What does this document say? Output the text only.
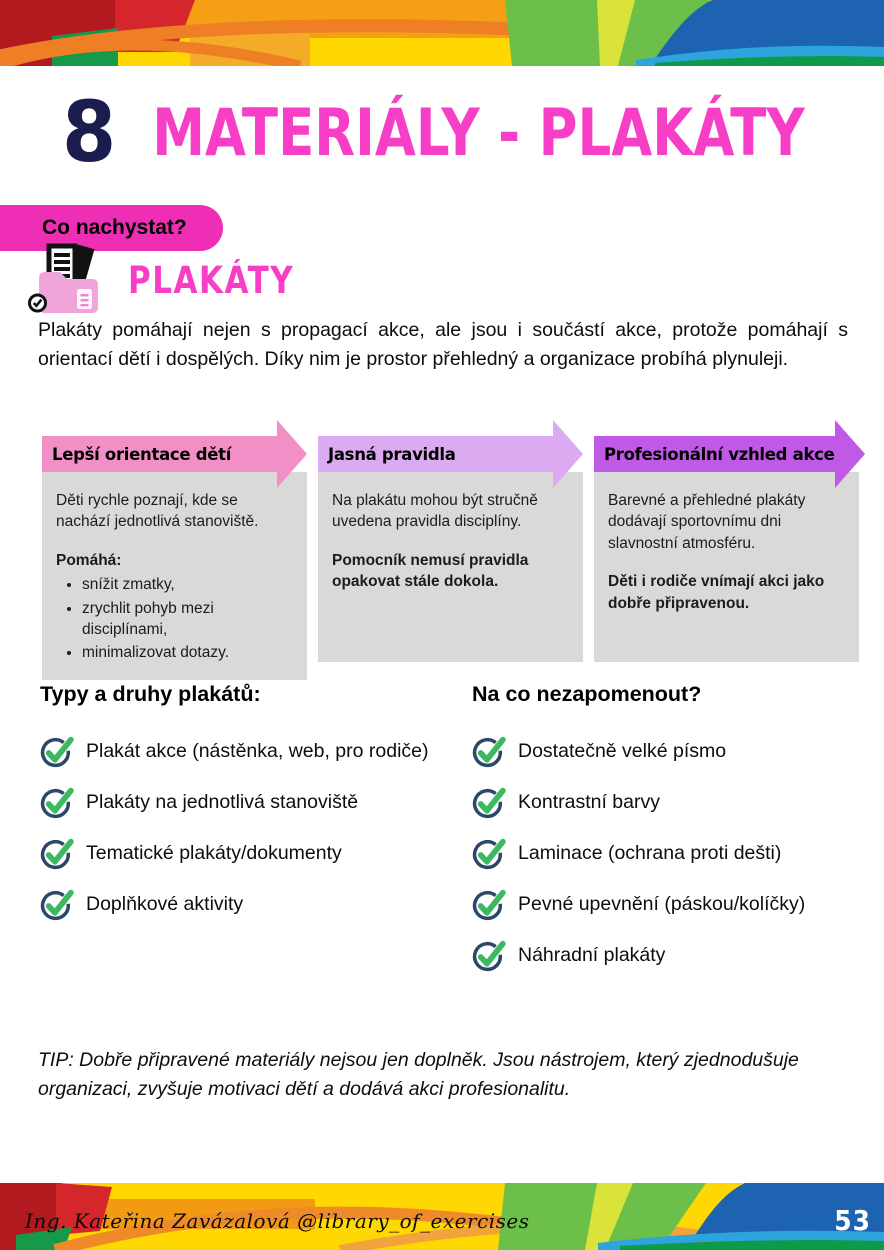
8 MATERIÁLY - PLAKÁTY
Co nachystat?
PLAKÁTY

Plakáty pomáhají nejen s propagací akce, ale jsou i součástí akce, protože pomáhají s orientací dětí i dospělých. Díky nim je prostor přehledný a organizace probíhá plynuleji.

Lepší orientace dětí

Děti rychle poznají, kde se nachází jednotlivá stanoviště.

Pomáhá:

• snížit zmatky,
• zrychlit pohyb mezi disciplínami,
• minimalizovat dotazy.
Jasná pravidla

Na plakátu mohou být stručně uvedena pravidla disciplíny.

Pomocník nemusí pravidla opakovat stále dokola.

Profesionální vzhled akce

Barevné a přehledné plakáty dodávají sportovnímu dni slavnostní atmosféru.

Děti i rodiče vnímají akci jako dobře připravenou.

Typy a druhy plakátů:
Plakát akce (nástěnka, web, pro rodiče)
Plakáty na jednotlivá stanoviště
Tematické plakáty/dokumenty
Doplňkové aktivity
Na co nezapomenout?
Dostatečně velké písmo
Kontrastní barvy
Laminace (ochrana proti dešti)
Pevné upevnění (páskou/kolíčky)
Náhradní plakáty

TIP: Dobře připravené materiály nejsou jen doplněk. Jsou nástrojem, který zjednodušuje organizaci, zvyšuje motivaci dětí a dodává akci profesionalitu.

Ing. Kateřina Zavázalová @library_of_exercises	53
